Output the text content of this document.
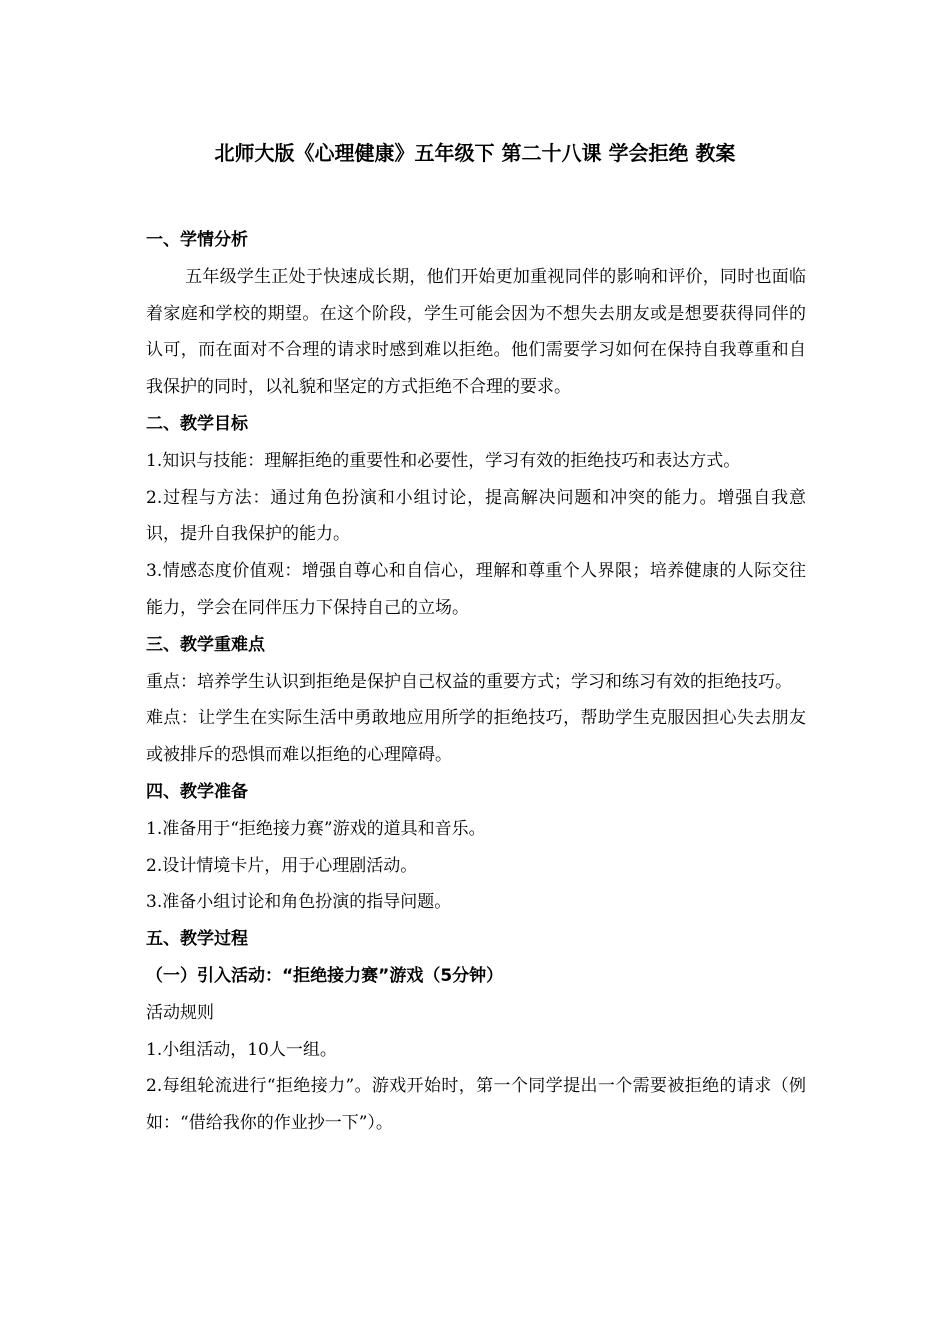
北师大版《心理健康》五年级下 第二十八课 学会拒绝 教案

一、学情分析

五年级学生正处于快速成长期，他们开始更加重视同伴的影响和评价，同时也面临着家庭和学校的期望。在这个阶段，学生可能会因为不想失去朋友或是想要获得同伴的认可，而在面对不合理的请求时感到难以拒绝。他们需要学习如何在保持自我尊重和自我保护的同时，以礼貌和坚定的方式拒绝不合理的要求。

二、教学目标

1.知识与技能：理解拒绝的重要性和必要性，学习有效的拒绝技巧和表达方式。

2.过程与方法：通过角色扮演和小组讨论，提高解决问题和冲突的能力。增强自我意识，提升自我保护的能力。

3.情感态度价值观：增强自尊心和自信心，理解和尊重个人界限；培养健康的人际交往能力，学会在同伴压力下保持自己的立场。

三、教学重难点

重点：培养学生认识到拒绝是保护自己权益的重要方式；学习和练习有效的拒绝技巧。

难点：让学生在实际生活中勇敢地应用所学的拒绝技巧，帮助学生克服因担心失去朋友或被排斥的恐惧而难以拒绝的心理障碍。

四、教学准备

1.准备用于“拒绝接力赛”游戏的道具和音乐。

2.设计情境卡片，用于心理剧活动。

3.准备小组讨论和角色扮演的指导问题。

五、教学过程

（一）引入活动：“拒绝接力赛”游戏（5分钟）

活动规则

1.小组活动，10人一组。

2.每组轮流进行“拒绝接力”。游戏开始时，第一个同学提出一个需要被拒绝的请求（例如：“借给我你的作业抄一下”）。
